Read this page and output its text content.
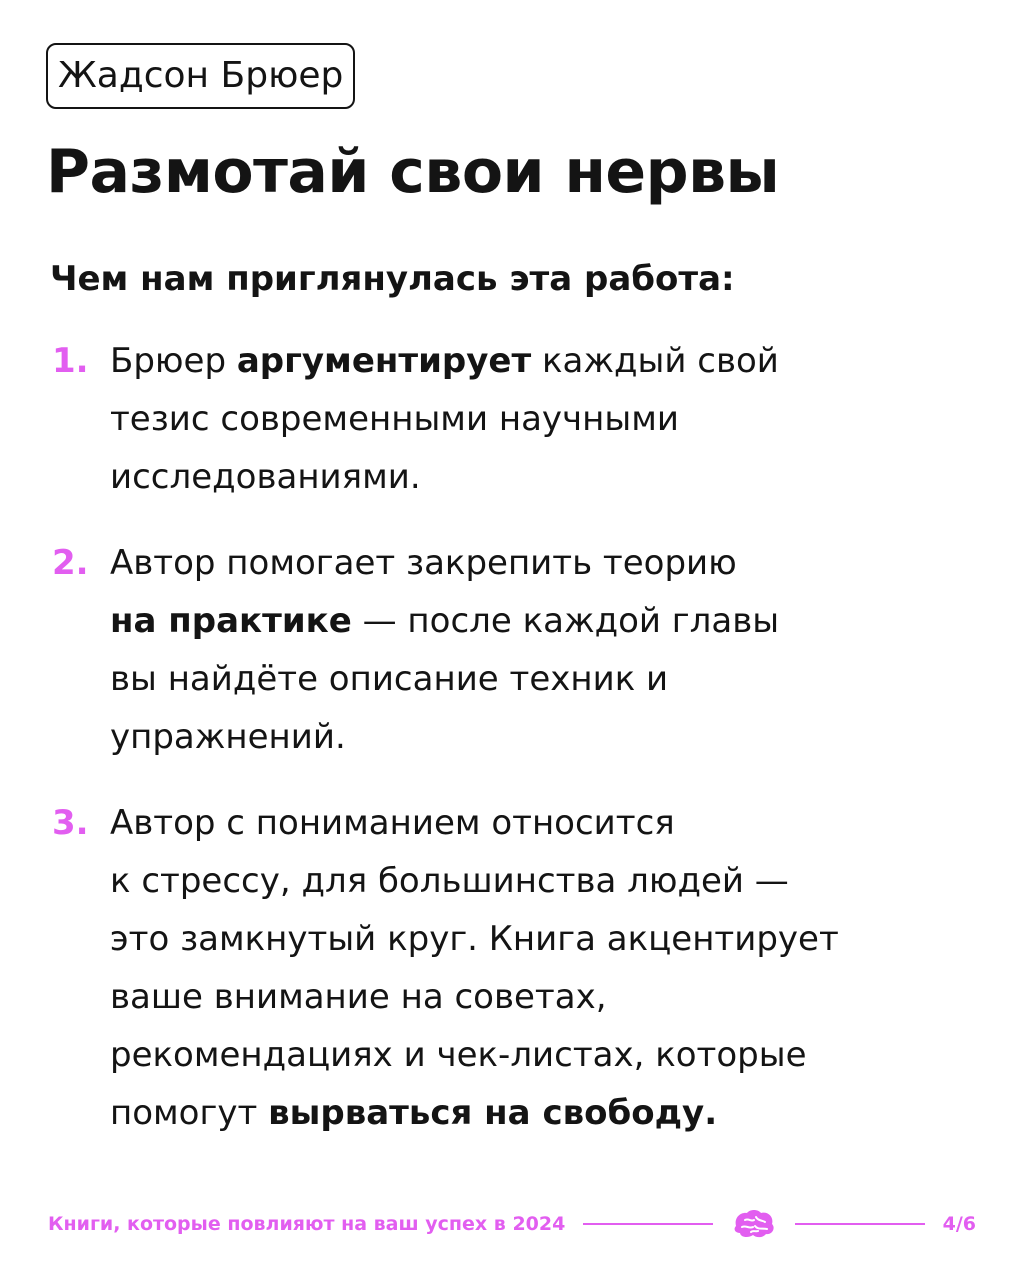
Жадсон Брюер
Размотай свои нервы
Чем нам приглянулась эта работа:
1. Брюер аргументирует каждый свой
тезис современными научными
исследованиями.
2. Автор помогает закрепить теорию
на практике — после каждой главы
вы найдёте описание техник и
упражнений.
3. Автор с пониманием относится
к стрессу, для большинства людей —
это замкнутый круг. Книга акцентирует
ваше внимание на советах,
рекомендациях и чек-листах, которые
помогут вырваться на свободу.
Книги, которые повлияют на ваш успех в 2024	4/6
